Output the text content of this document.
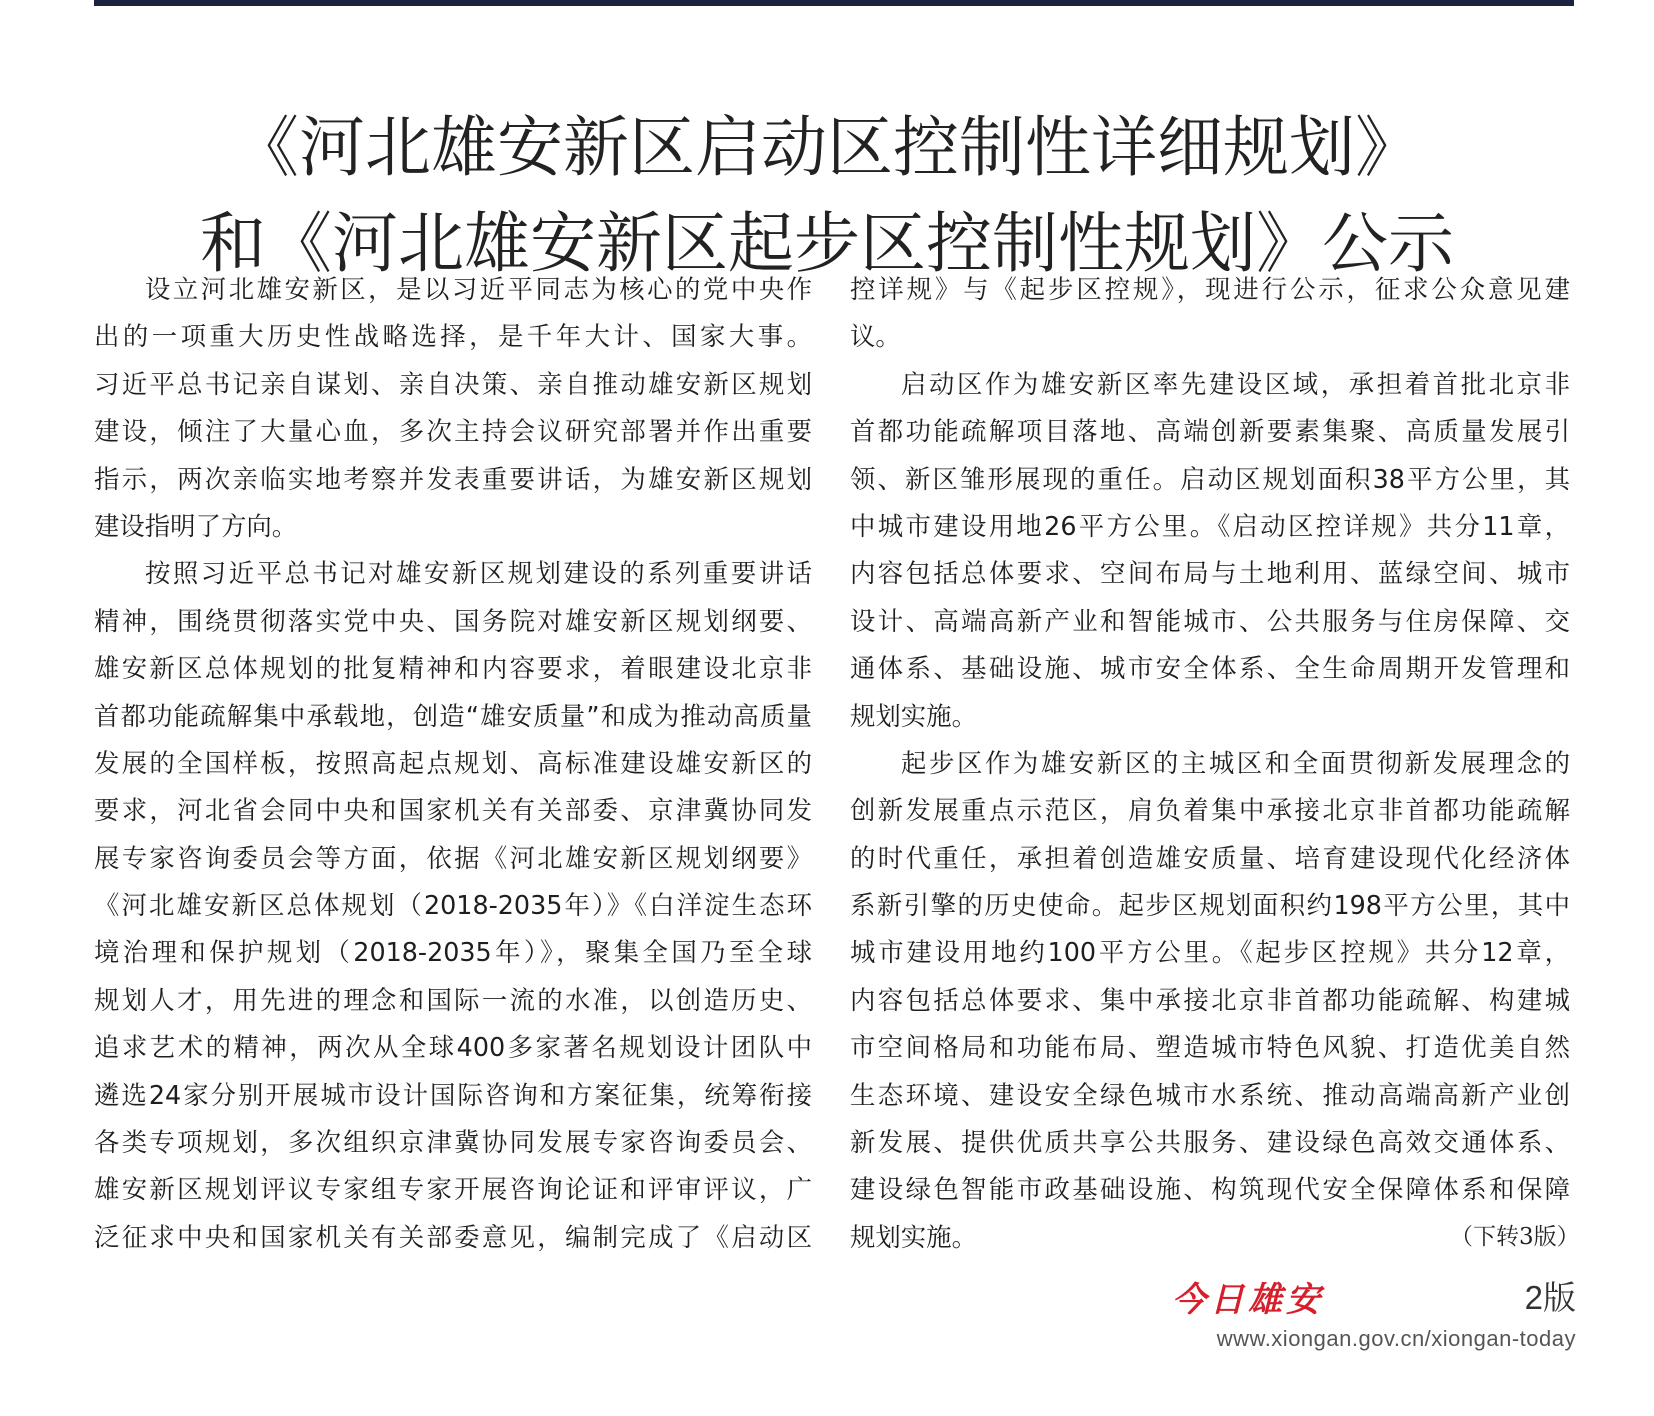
《河北雄安新区启动区控制性详细规划》
和《河北雄安新区起步区控制性规划》公示
设立河北雄安新区，是以习近平同志为核心的党中央作
出的一项重大历史性战略选择，是千年大计、国家大事。
习近平总书记亲自谋划、亲自决策、亲自推动雄安新区规划
建设，倾注了大量心血，多次主持会议研究部署并作出重要
指示，两次亲临实地考察并发表重要讲话，为雄安新区规划
建设指明了方向。
按照习近平总书记对雄安新区规划建设的系列重要讲话
精神，围绕贯彻落实党中央、国务院对雄安新区规划纲要、
雄安新区总体规划的批复精神和内容要求，着眼建设北京非
首都功能疏解集中承载地，创造“雄安质量”和成为推动高质量
发展的全国样板，按照高起点规划、高标准建设雄安新区的
要求，河北省会同中央和国家机关有关部委、京津冀协同发
展专家咨询委员会等方面，依据《河北雄安新区规划纲要》
《河北雄安新区总体规划（2018-2035年）》《白洋淀生态环
境治理和保护规划（2018-2035年）》，聚集全国乃至全球
规划人才，用先进的理念和国际一流的水准，以创造历史、
追求艺术的精神，两次从全球400多家著名规划设计团队中
遴选24家分别开展城市设计国际咨询和方案征集，统筹衔接
各类专项规划，多次组织京津冀协同发展专家咨询委员会、
雄安新区规划评议专家组专家开展咨询论证和评审评议，广
泛征求中央和国家机关有关部委意见，编制完成了《启动区
控详规》与《起步区控规》，现进行公示，征求公众意见建
议。
启动区作为雄安新区率先建设区域，承担着首批北京非
首都功能疏解项目落地、高端创新要素集聚、高质量发展引
领、新区雏形展现的重任。启动区规划面积38平方公里，其
中城市建设用地26平方公里。《启动区控详规》共分11章，
内容包括总体要求、空间布局与土地利用、蓝绿空间、城市
设计、高端高新产业和智能城市、公共服务与住房保障、交
通体系、基础设施、城市安全体系、全生命周期开发管理和
规划实施。
起步区作为雄安新区的主城区和全面贯彻新发展理念的
创新发展重点示范区，肩负着集中承接北京非首都功能疏解
的时代重任，承担着创造雄安质量、培育建设现代化经济体
系新引擎的历史使命。起步区规划面积约198平方公里，其中
城市建设用地约100平方公里。《起步区控规》共分12章，
内容包括总体要求、集中承接北京非首都功能疏解、构建城
市空间格局和功能布局、塑造城市特色风貌、打造优美自然
生态环境、建设安全绿色城市水系统、推动高端高新产业创
新发展、提供优质共享公共服务、建设绿色高效交通体系、
建设绿色智能市政基础设施、构筑现代安全保障体系和保障
规划实施。	（下转3版）
今日雄安	2版
www.xiongan.gov.cn/xiongan-today
